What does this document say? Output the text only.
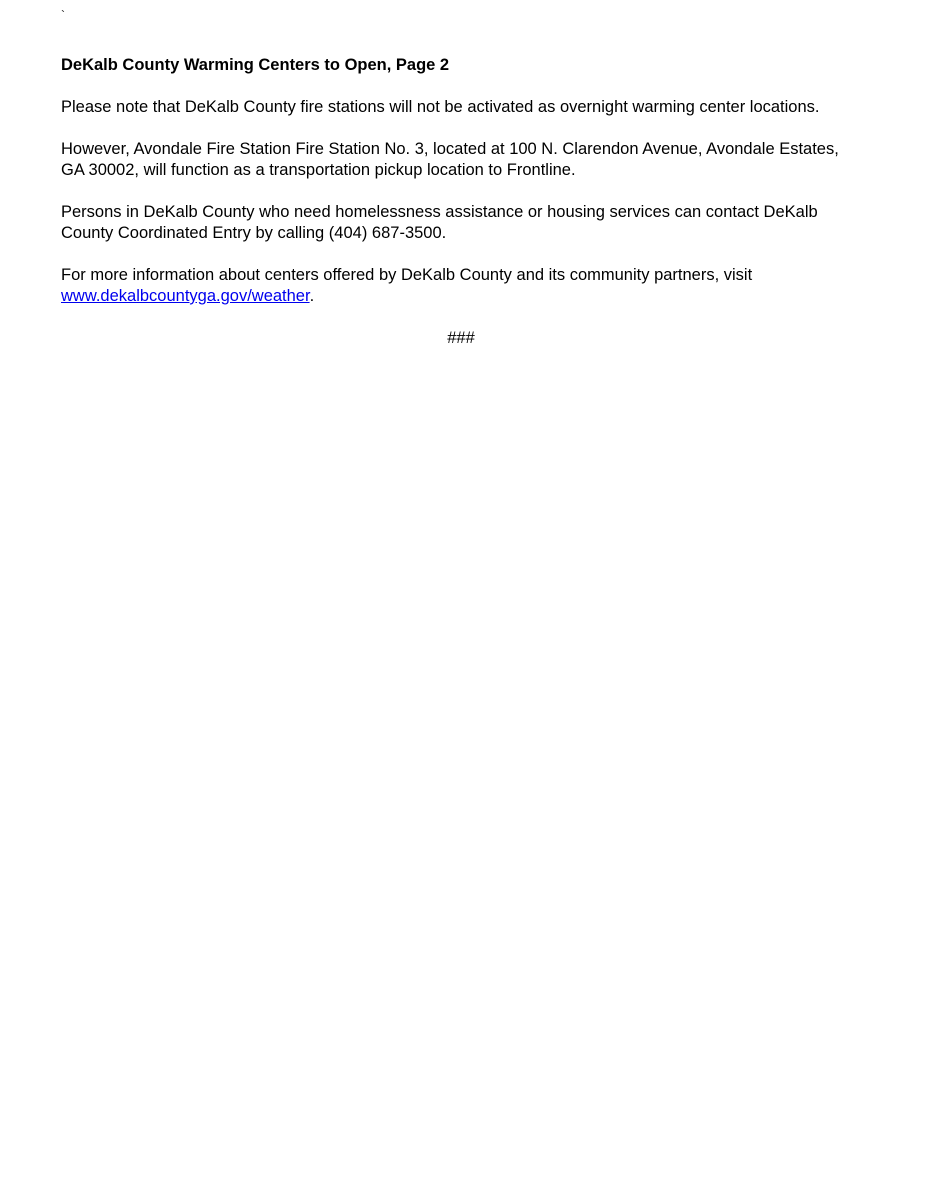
`

DeKalb County Warming Centers to Open, Page 2

Please note that DeKalb County fire stations will not be activated as overnight warming center locations.

However, Avondale Fire Station Fire Station No. 3, located at 100 N. Clarendon Avenue, Avondale Estates, GA 30002, will function as a transportation pickup location to Frontline.

Persons in DeKalb County who need homelessness assistance or housing services can contact DeKalb County Coordinated Entry by calling (404) 687-3500.

For more information about centers offered by DeKalb County and its community partners, visit www.dekalbcountyga.gov/weather.

###
